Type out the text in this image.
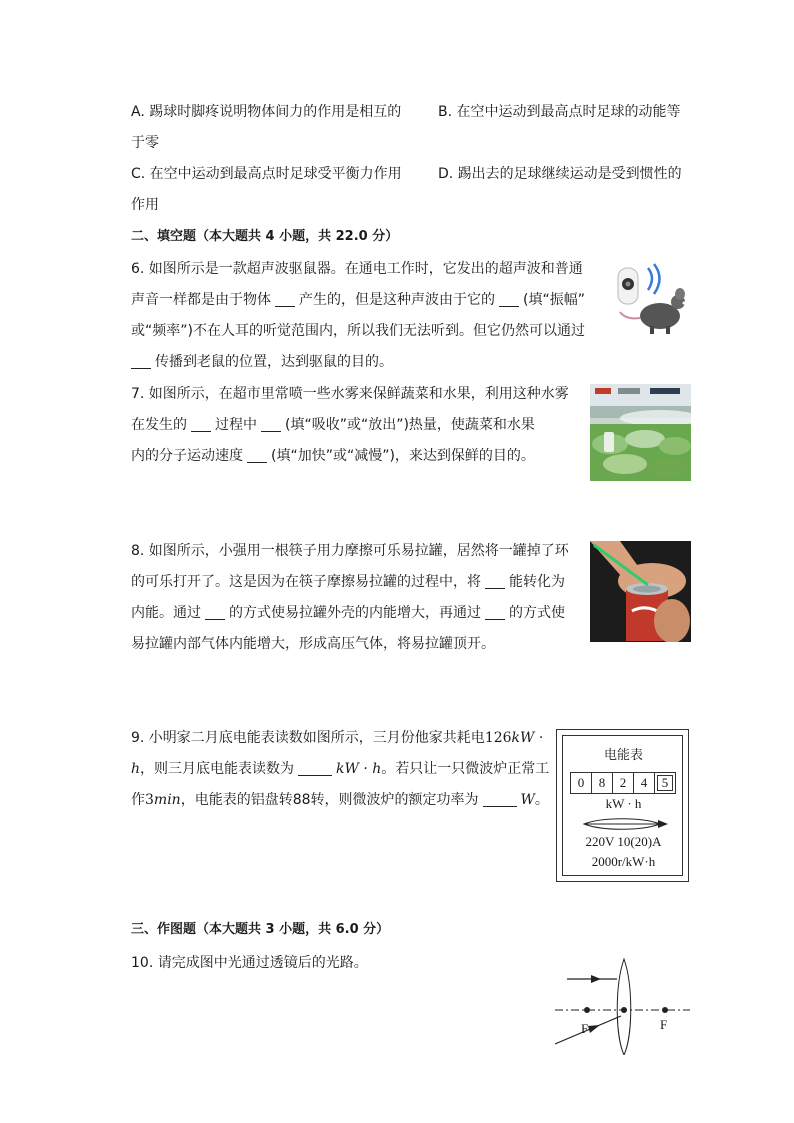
A. 踢球时脚疼说明物体间力的作用是相互的	B. 在空中运动到最高点时足球的动能等
于零
C. 在空中运动到最高点时足球受平衡力作用	D. 踢出去的足球继续运动是受到惯性的
作用
二、填空题（本大题共 4 小题，共 22.0 分）
6. 如图所示是一款超声波驱鼠器。在通电工作时，它发出的超声波和普通
声音一样都是由于物体 产生的，但是这种声波由于它的 (填“振幅”
或“频率”)不在人耳的听觉范围内，所以我们无法听到。但它仍然可以通过
传播到老鼠的位置，达到驱鼠的目的。
7. 如图所示，在超市里常喷一些水雾来保鲜蔬菜和水果，利用这种水雾
在发生的 过程中 (填“吸收”或“放出”)热量，使蔬菜和水果
内的分子运动速度 (填“加快”或“减慢”)，来达到保鲜的目的。
8. 如图所示，小强用一根筷子用力摩擦可乐易拉罐，居然将一罐掉了环
的可乐打开了。这是因为在筷子摩擦易拉罐的过程中，将 能转化为
内能。通过 的方式使易拉罐外壳的内能增大，再通过 的方式使
易拉罐内部气体内能增大，形成高压气体，将易拉罐顶开。
9. 小明家二月底电能表读数如图所示，三月份他家共耗电126kW ·
h，则三月底电能表读数为	kW · h。若只让一只微波炉正常工
作3min，电能表的铝盘转88转，则微波炉的额定功率为	W。
电能表
0	8	2	4	5
kW · h
220V 10(20)A
2000r/kW·h
三、作图题（本大题共 3 小题，共 6.0 分）
10. 请完成图中光通过透镜后的光路。
F	F
